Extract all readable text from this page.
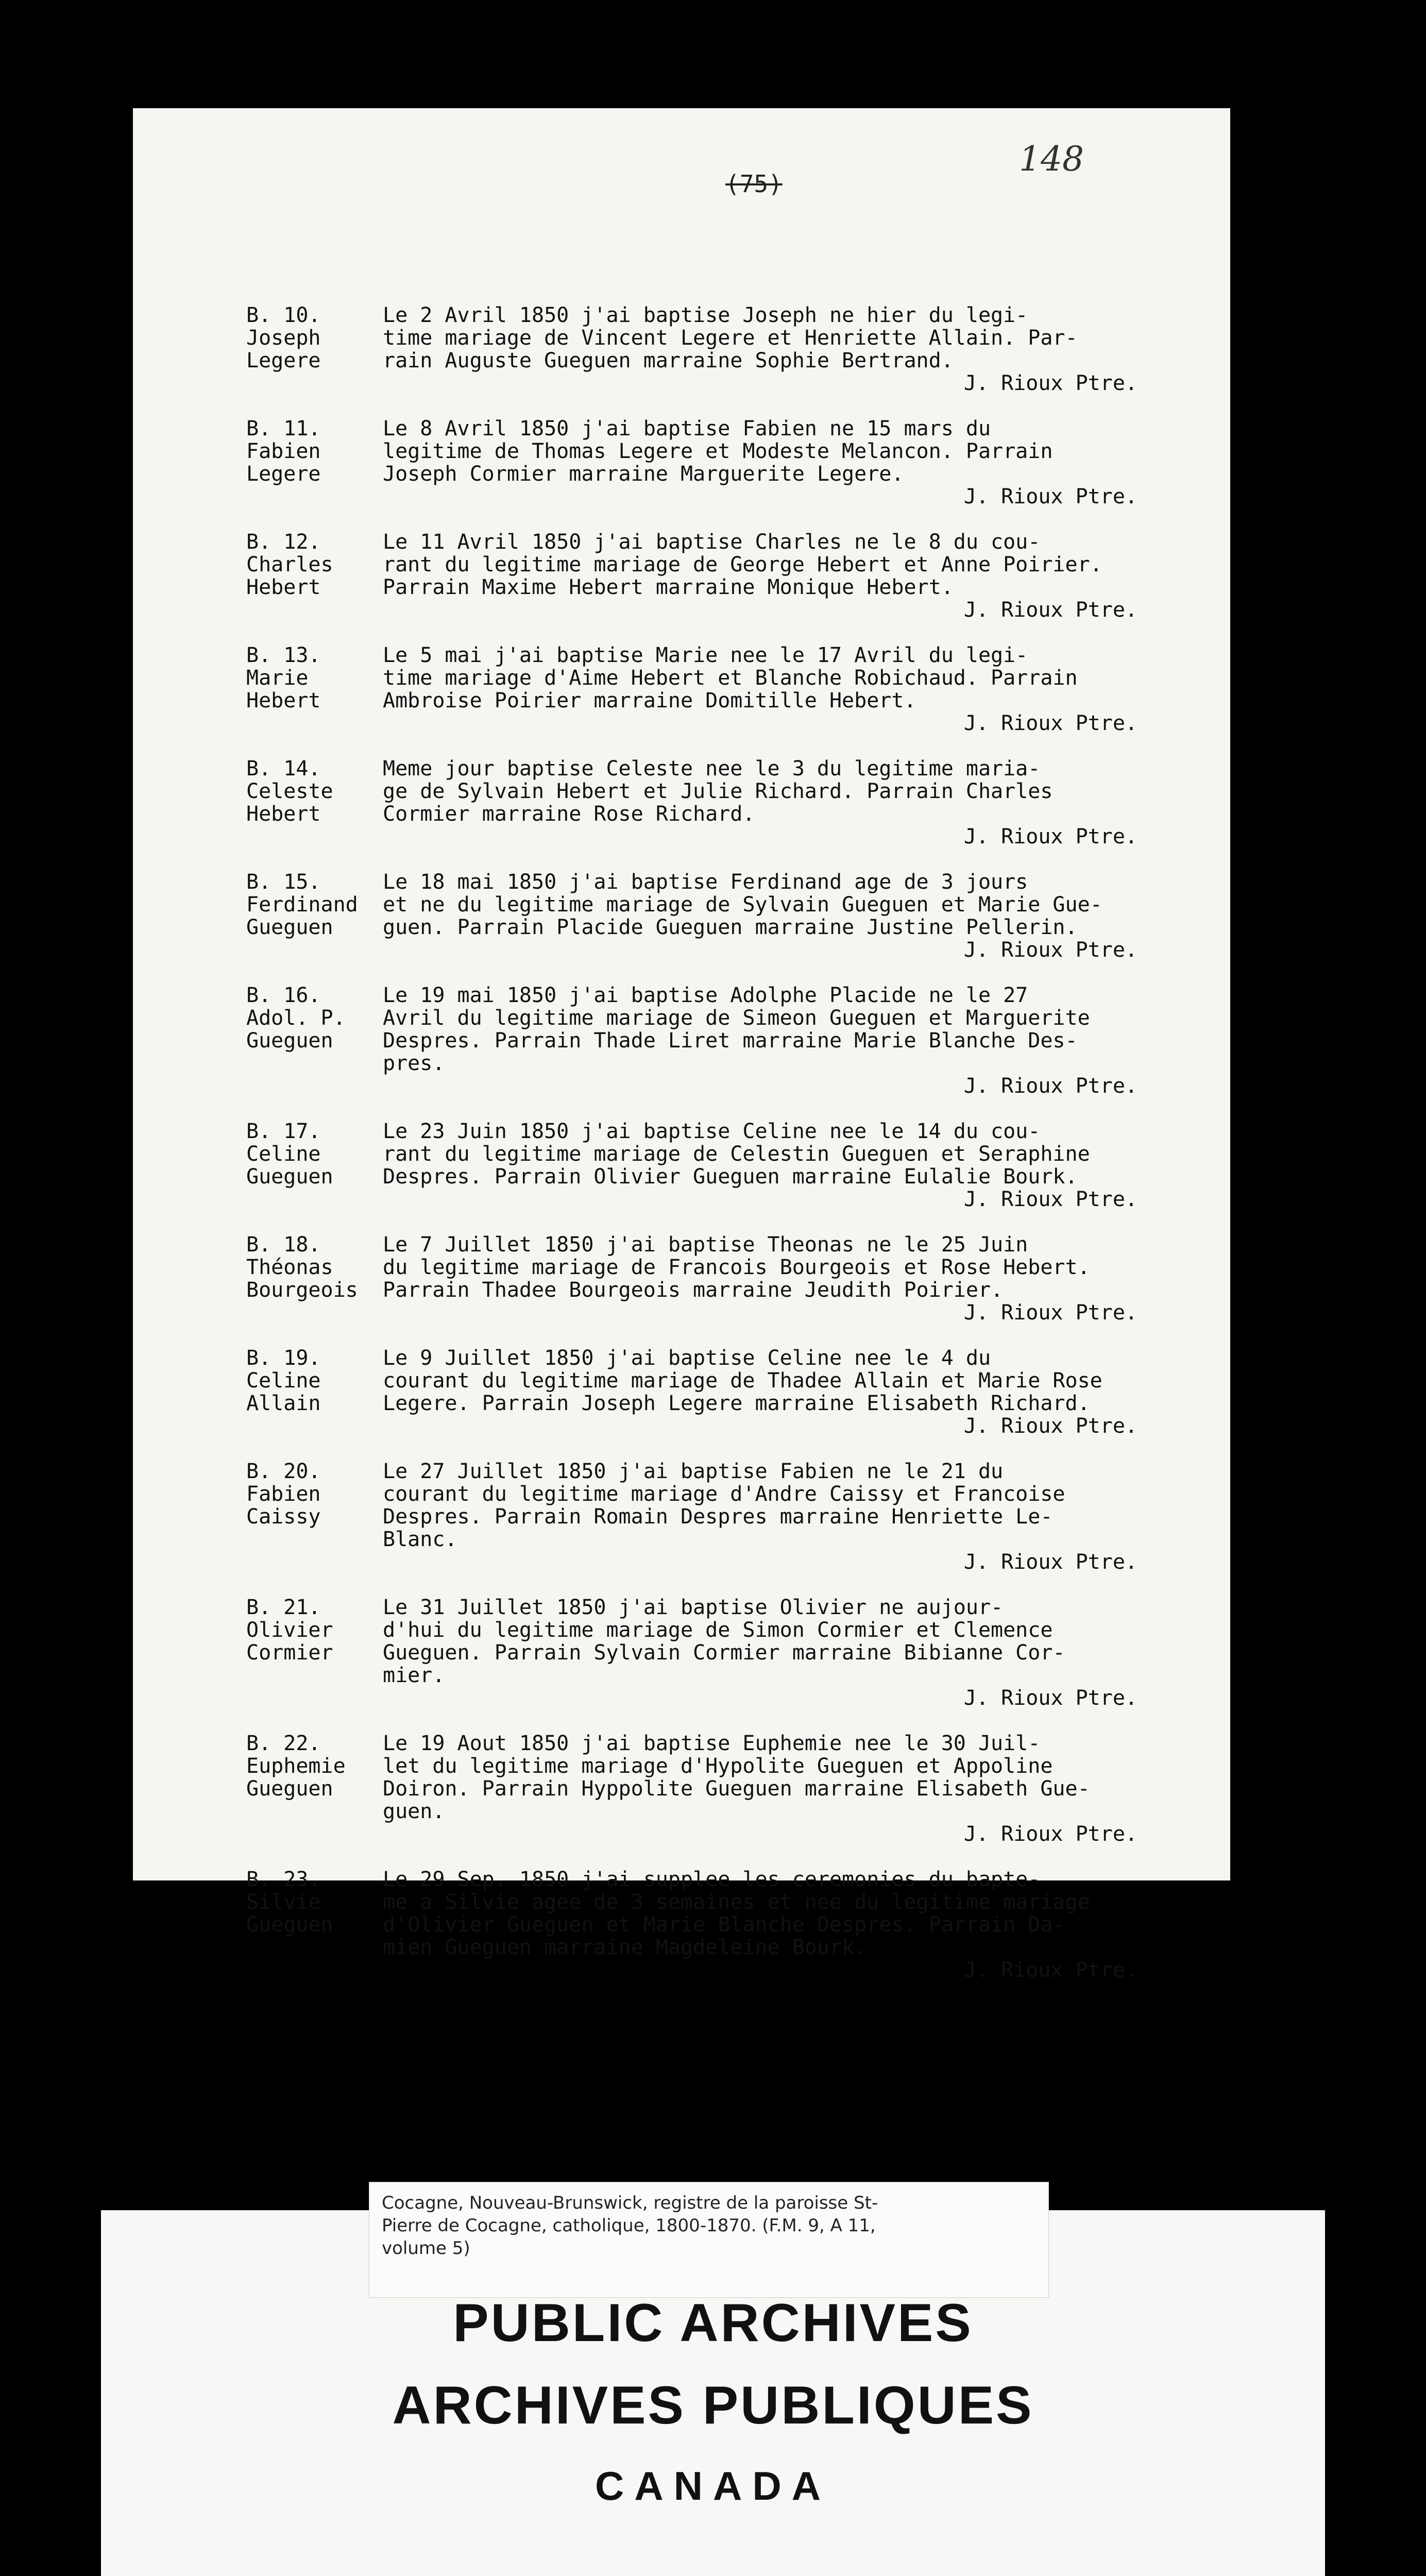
(75)
148
B. 10.
Joseph
Legere
Le 2 Avril 1850 j'ai baptise Joseph ne hier du legi-
time mariage de Vincent Legere et Henriette Allain. Par-
rain Auguste Gueguen marraine Sophie Bertrand.
J. Rioux Ptre.
B. 11.
Fabien
Legere
Le 8 Avril 1850 j'ai baptise Fabien ne 15 mars du
legitime de Thomas Legere et Modeste Melancon. Parrain
Joseph Cormier marraine Marguerite Legere.
J. Rioux Ptre.
B. 12.
Charles
Hebert
Le 11 Avril 1850 j'ai baptise Charles ne le 8 du cou-
rant du legitime mariage de George Hebert et Anne Poirier.
Parrain Maxime Hebert marraine Monique Hebert.
J. Rioux Ptre.
B. 13.
Marie
Hebert
Le 5 mai j'ai baptise Marie nee le 17 Avril du legi-
time mariage d'Aime Hebert et Blanche Robichaud. Parrain
Ambroise Poirier marraine Domitille Hebert.
J. Rioux Ptre.
B. 14.
Celeste
Hebert
Meme jour baptise Celeste nee le 3 du legitime maria-
ge de Sylvain Hebert et Julie Richard. Parrain Charles
Cormier marraine Rose Richard.
J. Rioux Ptre.
B. 15.
Ferdinand
Gueguen
Le 18 mai 1850 j'ai baptise Ferdinand age de 3 jours
et ne du legitime mariage de Sylvain Gueguen et Marie Gue-
guen. Parrain Placide Gueguen marraine Justine Pellerin.
J. Rioux Ptre.
B. 16.
Adol. P.
Gueguen
Le 19 mai 1850 j'ai baptise Adolphe Placide ne le 27
Avril du legitime mariage de Simeon Gueguen et Marguerite
Despres. Parrain Thade Liret marraine Marie Blanche Des-
pres.
J. Rioux Ptre.
B. 17.
Celine
Gueguen
Le 23 Juin 1850 j'ai baptise Celine nee le 14 du cou-
rant du legitime mariage de Celestin Gueguen et Seraphine
Despres. Parrain Olivier Gueguen marraine Eulalie Bourk.
J. Rioux Ptre.
B. 18.
Théonas
Bourgeois
Le 7 Juillet 1850 j'ai baptise Theonas ne le 25 Juin
du legitime mariage de Francois Bourgeois et Rose Hebert.
Parrain Thadee Bourgeois marraine Jeudith Poirier.
J. Rioux Ptre.
B. 19.
Celine
Allain
Le 9 Juillet 1850 j'ai baptise Celine nee le 4 du
courant du legitime mariage de Thadee Allain et Marie Rose
Legere. Parrain Joseph Legere marraine Elisabeth Richard.
J. Rioux Ptre.
B. 20.
Fabien
Caissy
Le 27 Juillet 1850 j'ai baptise Fabien ne le 21 du
courant du legitime mariage d'Andre Caissy et Francoise
Despres. Parrain Romain Despres marraine Henriette Le-
Blanc.
J. Rioux Ptre.
B. 21.
Olivier
Cormier
Le 31 Juillet 1850 j'ai baptise Olivier ne aujour-
d'hui du legitime mariage de Simon Cormier et Clemence
Gueguen. Parrain Sylvain Cormier marraine Bibianne Cor-
mier.
J. Rioux Ptre.
B. 22.
Euphemie
Gueguen
Le 19 Aout 1850 j'ai baptise Euphemie nee le 30 Juil-
let du legitime mariage d'Hypolite Gueguen et Appoline
Doiron. Parrain Hyppolite Gueguen marraine Elisabeth Gue-
guen.
J. Rioux Ptre.
B. 23.
Silvie
Gueguen
Le 29 Sep. 1850 j'ai supplee les ceremonies du bapte-
me a Silvie agee de 3 semaines et nee du legitime mariage
d'Olivier Gueguen et Marie Blanche Despres. Parrain Da-
mien Gueguen marraine Magdeleine Bourk.
J. Rioux Ptre.
Cocagne, Nouveau-Brunswick, registre de la paroisse St-
Pierre de Cocagne, catholique, 1800-1870. (F.M. 9, A 11,
volume 5)
PUBLIC ARCHIVES
ARCHIVES PUBLIQUES
CANADA
